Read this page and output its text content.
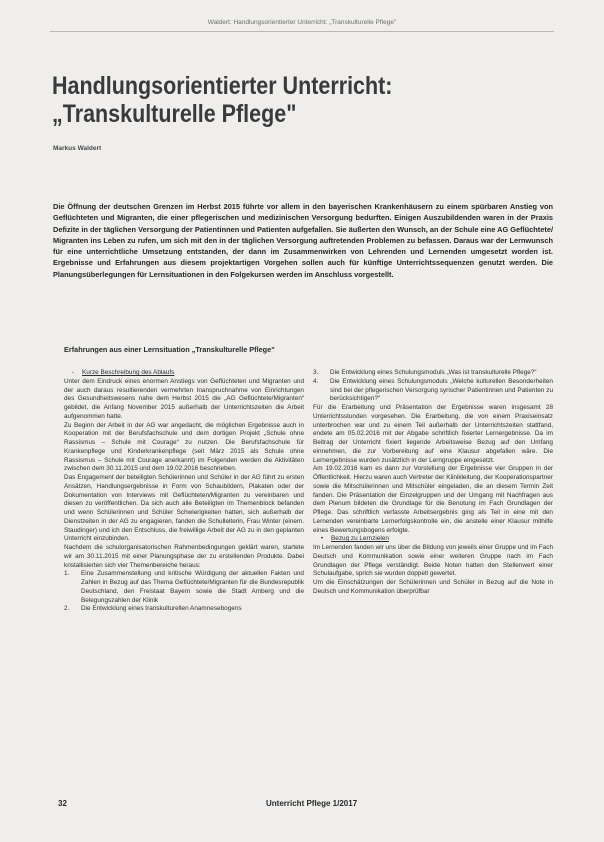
Waldert: Handlungsorientierter Unterricht: „Transkulturelle Pflege"
Handlungsorientierter Unterricht:
„Transkulturelle Pflege"
Markus Waldert

Die Öffnung der deutschen Grenzen im Herbst 2015 führte vor allem in den bayerischen Krankenhäusern zu einem spürbaren Anstieg von Geflüchteten und Migranten, die einer pflegerischen und medizinischen Versorgung bedurften. Einigen Auszubildenden waren in der Praxis Defizite in der täglichen Versorgung der Patientinnen und Patienten aufgefallen. Sie äußerten den Wunsch, an der Schule eine AG Geflüchtete/ Migranten ins Leben zu rufen, um sich mit den in der täglichen Versorgung auftretenden Problemen zu befassen. Daraus war der Lernwunsch für eine unterrichtliche Umsetzung entstanden, der dann im Zusammenwirken von Lehrenden und Lernenden umgesetzt worden ist. Ergebnisse und Erfahrungen aus diesem projektartigen Vorgehen sollen auch für künftige Unterrichtssequenzen genutzt werden. Die Planungsüberlegungen für Lernsituationen in den Folgekursen werden im Anschluss vorgestellt.

Erfahrungen aus einer Lernsituation „Transkulturelle Pflege"
-	Kurze Beschreibung des Ablaufs

Unter dem Eindruck eines enormen Anstiegs von Geflüchteten und Migranten und der auch daraus resultierenden vermehrten Inanspruchnahme von Einrichtungen des Gesundheitswesens nahe dem Herbst 2015 die „AG Geflüchtete/Migranten“ gebildet, die Anfang November 2015 außerhalb der Unterrichtszeiten die Arbeit aufgenommen hatte.

Zu Beginn der Arbeit in der AG war angedacht, die möglichen Ergebnisse auch in Kooperation mit der Berufsfachschule und dem dortigen Projekt „Schule ohne Rassismus – Schule mit Courage“ zu nutzen. Die Berufsfachschule für Krankenpflege und Kinderkrankenpflege (seit März 2015 als Schule ohne Rassismus – Schule mit Courage anerkannt) im Folgenden werden die Aktivitäten zwischen dem 30.11.2015 und dem 19.02.2016 beschrieben.

Das Engagement der beteiligten Schülerinnen und Schüler in der AG führt zu ersten Ansätzen, Handlungsergebnisse in Form von Schaubildern, Plakaten oder der Dokumentation von Interviews mit Geflüchteten/Migranten zu vereinbaren und diesen zu veröffentlichen. Da sich auch alle Beteiligten im Themenblock befanden und wenn Schülerinnen und Schüler Schwierigkeiten hatten, sich außerhalb der Dienstzeiten in der AG zu engagieren, fanden die Schulleiterin, Frau Winter (einem. Staudinger) und ich den Entschluss, die freiwillige Arbeit der AG zu in den geplanten Unterricht einzubinden.

Nachdem die schulorganisatorischen Rahmenbedingungen geklärt waren, startete wir am 30.11.2015 mit einer Planungsphase der zu erstellenden Produkte. Dabei kristallisierten sich vier Themenbereiche heraus:

1.	Eine Zusammenstellung und kritische Würdigung der aktuellen Fakten und Zahlen in Bezug auf das Thema Geflüchtete/Migranten für die Bundesrepublik Deutschland, den Freistaat Bayern sowie die Stadt Amberg und die Belegungszahlen der Klinik
2.	Die Entwicklung eines transkulturellen Anamnesebogens
3.	Die Entwicklung eines Schulungsmoduls „Was ist transkulturelle Pflege?“
4.	Die Entwicklung eines Schulungsmoduls „Welche kulturellen Besonderheiten sind bei der pflegerischen Versorgung syrischer Patientinnen und Patienten zu berücksichtigen?“

Für die Erarbeitung und Präsentation der Ergebnisse waren insgesamt 28 Unterrichtsstunden vorgesehen. Die Erarbeitung, die von einem Praxiseinsatz unterbrochen war und zu einem Teil außerhalb der Unterrichtszeiten stattfand, endete am 05.02.2016 mit der Abgabe schriftlich fixierter Lernergebnisse. Da im Beitrag der Unterricht fixiert liegende Arbeitsweise Bezug auf den Umfang einnehmen, die zur Vorbereitung auf eine Klausur abgefallen wäre. Die Lernergebnisse wurden zusätzlich in der Lerngruppe eingesetzt.

Am 19.02.2016 kam es dann zur Vorstellung der Ergebnisse vier Gruppen in der Öffentlichkeit. Hierzu waren auch Vertreter der Klinikleitung, der Kooperationspartner sowie die Mitschülerinnen und Mitschüler eingeladen, die an diesem Termin Zeit fanden. Die Präsentation der Einzelgruppen und der Umgang mit Nachfragen aus dem Plenum bildeten die Grundlage für die Benotung im Fach Grundlagen der Pflege. Das schriftlich verfasste Arbeitsergebnis ging als Teil in eine mit den Lernenden vereinbarte Lernerfolgskontrolle ein, die anstelle einer Klausur mithilfe eines Bewertungsbogens erfolgte.

•	Bezug zu Lernzielen

Im Lernenden fanden wir uns über die Bildung von jeweils einer Gruppe und im Fach Deutsch und Kommunikation sowie einer weiteren Gruppe nach im Fach Grundlagen der Pflege verständigt. Beide Noten hatten den Stellenwert einer Schulaufgabe, sprich sie wurden doppelt gewertet.

Um die Einschätzungen der Schülerinnen und Schüler in Bezug auf die Note in Deutsch und Kommunikation überprüfbar

32	Unterricht Pflege 1/2017
